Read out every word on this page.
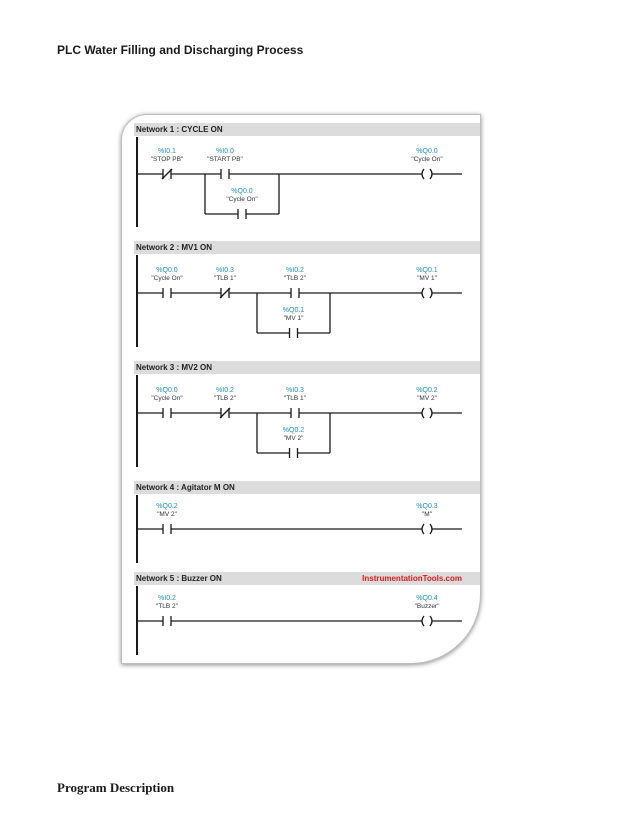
PLC Water Filling and Discharging Process
Network 1 : CYCLE ON
Network 2 : MV1 ON
Network 3 : MV2 ON
Network 4 : Agitator M ON
Network 5 : Buzzer ON	InstrumentationTools.com
%I0.1
"STOP PB"
%I0.0
"START PB"
%Q0.0
"Cycle On"
%Q0.0
"Cycle On"
%Q0.0
"Cycle On"
%I0.3
"TLB 1"
%I0.2
"TLB 2"
%Q0.1
"MV 1"
%Q0.1
"MV 1"
%Q0.0
"Cycle On"
%I0.2
"TLB 2"
%I0.3
"TLB 1"
%Q0.2
"MV 2"
%Q0.2
"MV 2"
%Q0.2
"MV 2"
%Q0.3
"M"
%I0.2
"TLB 2"
%Q0.4
"Buzzer"
Program Description
